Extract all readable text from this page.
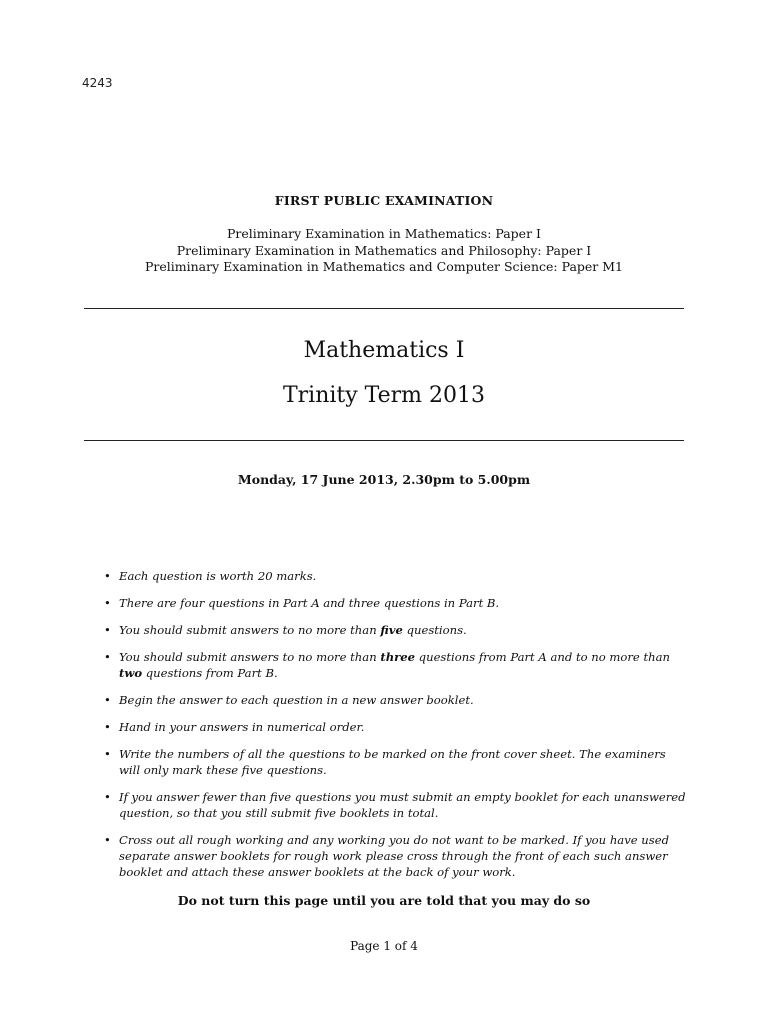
4243
FIRST PUBLIC EXAMINATION
Preliminary Examination in Mathematics: Paper I
Preliminary Examination in Mathematics and Philosophy: Paper I
Preliminary Examination in Mathematics and Computer Science: Paper M1
Mathematics I
Trinity Term 2013
Monday, 17 June 2013, 2.30pm to 5.00pm
• Each question is worth 20 marks.
• There are four questions in Part A and three questions in Part B.
• You should submit answers to no more than five questions.
• You should submit answers to no more than three questions from Part A and to no more than two questions from Part B.
• Begin the answer to each question in a new answer booklet.
• Hand in your answers in numerical order.
• Write the numbers of all the questions to be marked on the front cover sheet. The examiners will only mark these five questions.
• If you answer fewer than five questions you must submit an empty booklet for each unanswered question, so that you still submit five booklets in total.
• Cross out all rough working and any working you do not want to be marked. If you have used separate answer booklets for rough work please cross through the front of each such answer booklet and attach these answer booklets at the back of your work.
Do not turn this page until you are told that you may do so
Page 1 of 4
